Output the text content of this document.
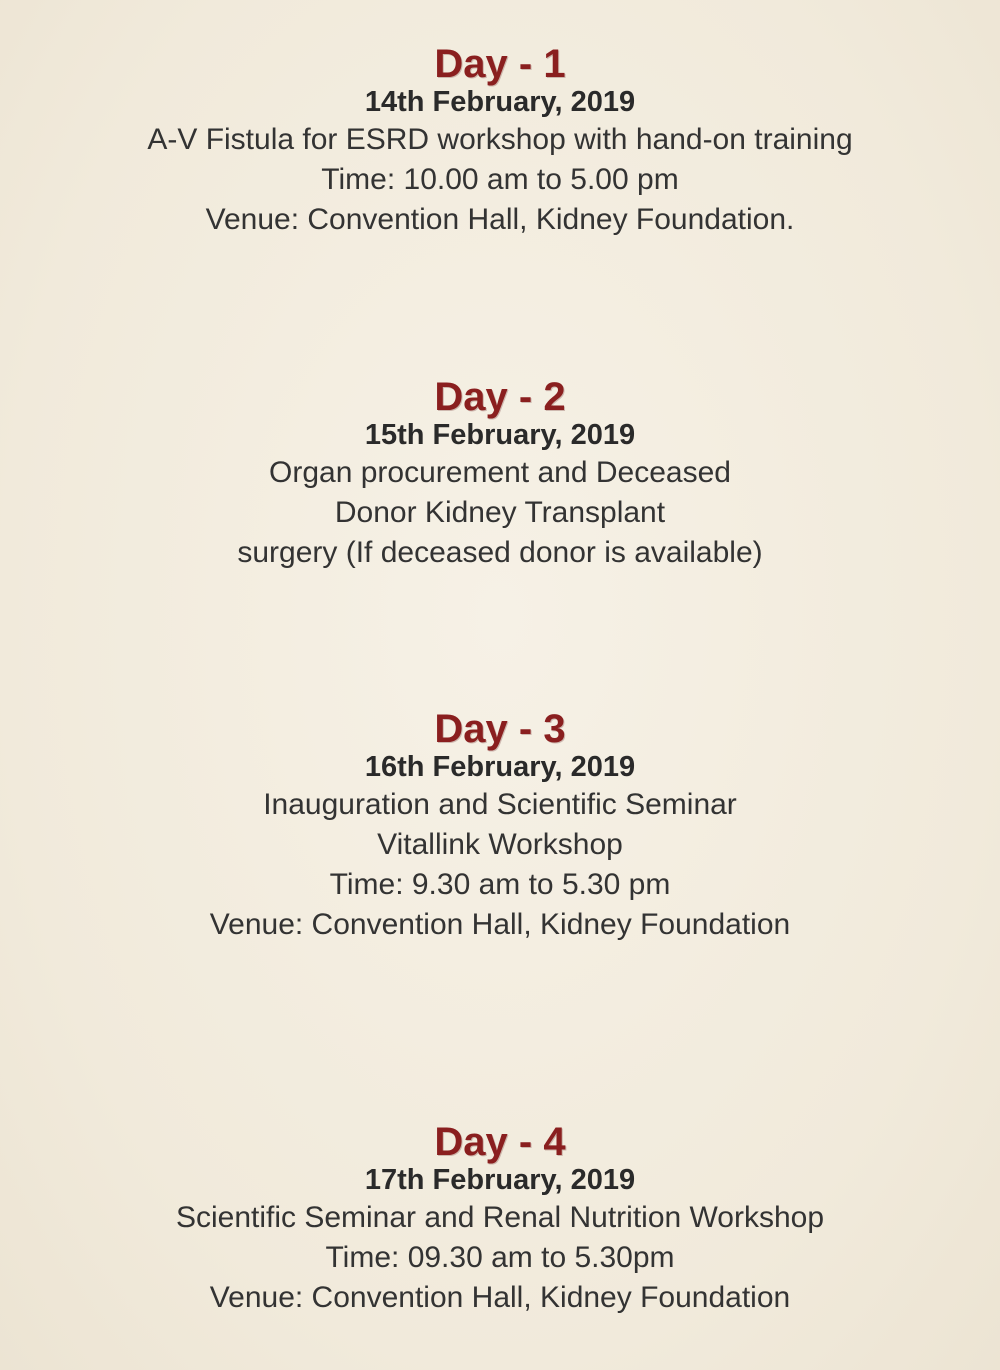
Day - 1

14th February, 2019

A-V Fistula for ESRD workshop with hand-on training

Time: 10.00 am to 5.00 pm

Venue: Convention Hall, Kidney Foundation.

Day - 2

15th February, 2019

Organ procurement and Deceased

Donor Kidney Transplant

surgery (If deceased donor is available)

Day - 3

16th February, 2019

Inauguration and Scientific Seminar

Vitallink Workshop

Time: 9.30 am to 5.30 pm

Venue: Convention Hall, Kidney Foundation

Day - 4

17th February, 2019

Scientific Seminar and Renal Nutrition Workshop

Time: 09.30 am to 5.30pm

Venue: Convention Hall, Kidney Foundation
